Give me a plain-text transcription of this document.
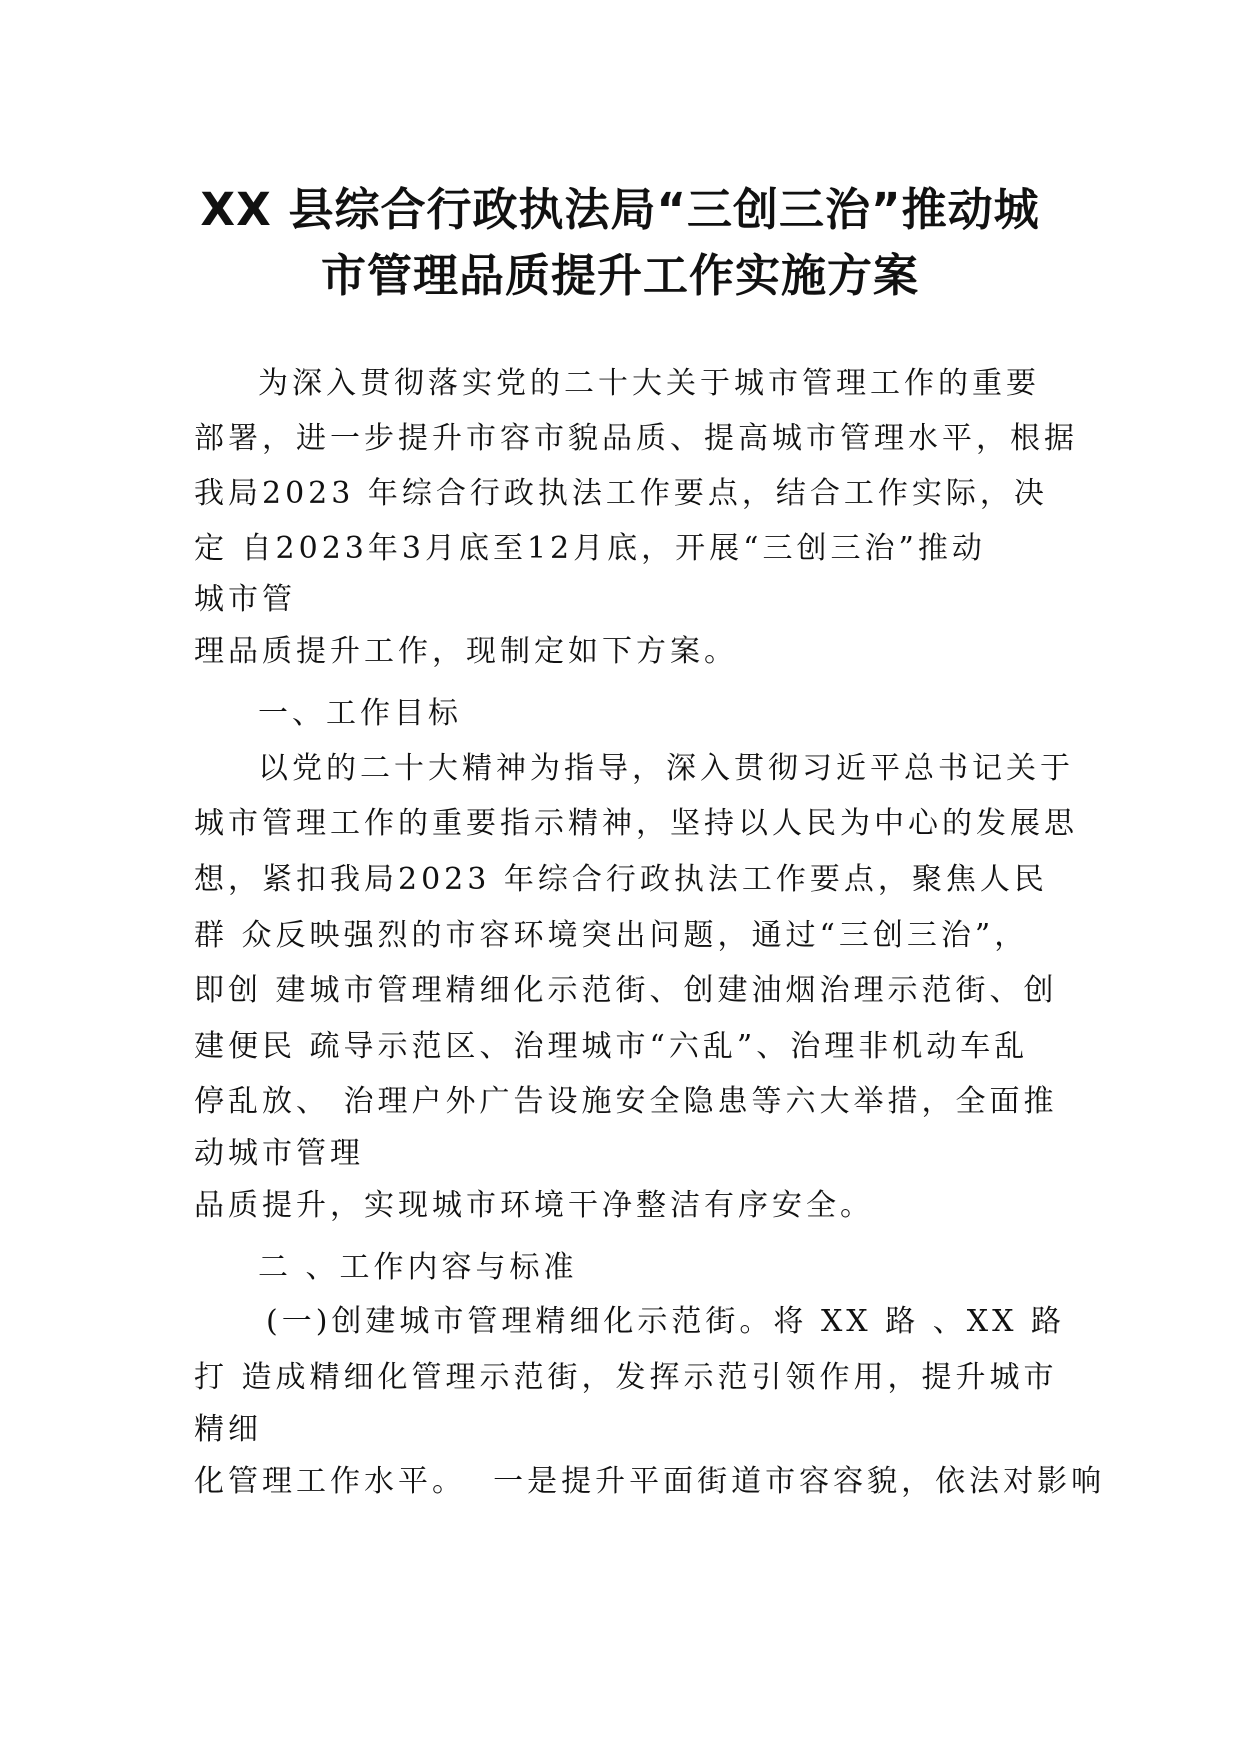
XX 县综合行政执法局“三创三治”推动城
市管理品质提升工作实施方案
为深入贯彻落实党的二十大关于城市管理工作的重要
部署，进一步提升市容市貌品质、提高城市管理水平，根据
我局2023 年综合行政执法工作要点，结合工作实际，决
定 自2023年3月底至12月底，开展“三创三治”推动
城市管
理品质提升工作，现制定如下方案。
一、工作目标
以党的二十大精神为指导，深入贯彻习近平总书记关于
城市管理工作的重要指示精神，坚持以人民为中心的发展思
想，紧扣我局2023 年综合行政执法工作要点，聚焦人民
群 众反映强烈的市容环境突出问题，通过“三创三治”，
即创 建城市管理精细化示范街、创建油烟治理示范街、创
建便民 疏导示范区、治理城市“六乱”、治理非机动车乱
停乱放、 治理户外广告设施安全隐患等六大举措，全面推
动城市管理
品质提升，实现城市环境干净整洁有序安全。
二 、工作内容与标准
(一)创建城市管理精细化示范街。将 XX 路 、XX 路
打 造成精细化管理示范街，发挥示范引领作用，提升城市
精细
化管理工作水平。  一是提升平面街道市容容貌，依法对影响
